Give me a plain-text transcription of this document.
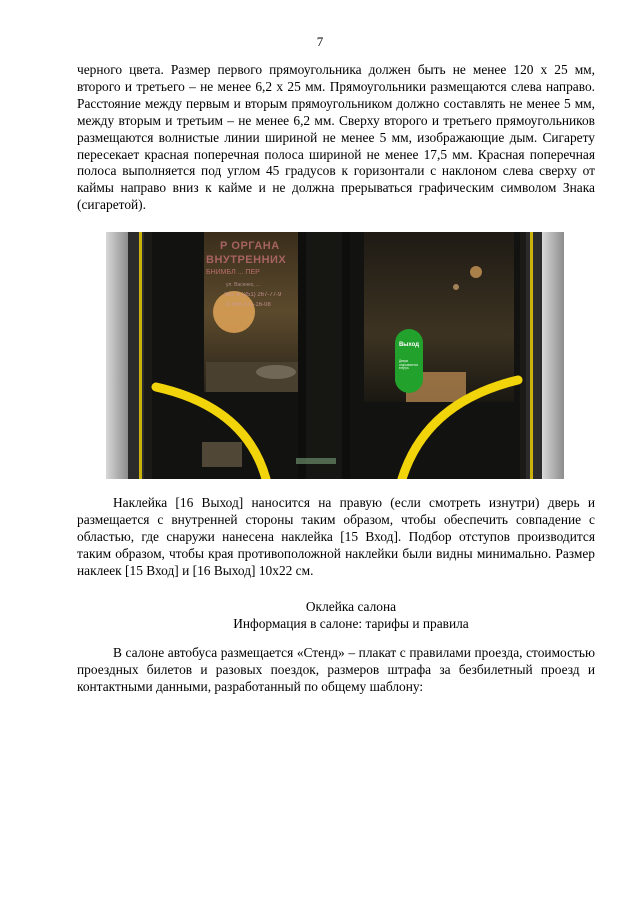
7

черного цвета. Размер первого прямоугольника должен быть не менее 120 х 25 мм, второго и третьего – не менее 6,2 х 25 мм. Прямоугольники размещаются слева направо. Расстояние между первым и вторым прямоугольником должно составлять не менее 5 мм, между вторым и третьим – не менее 6,2 мм. Сверху второго и третьего прямоугольников размещаются волнистые линии шириной не менее 5 мм, изображающие дым. Сигарету пересекает красная поперечная полоса шириной не менее 17,5 мм. Красная поперечная полоса выполняется под углом 45 градусов к горизонтали с наклоном слева сверху от каймы направо вниз к кайме и не должна прерываться графическим символом Знака (сигаретой).

Р ОРГАНА
ВНУТРЕННИХ
БНИМБЛ ... ПЕР
ул. Васенко, ...
тел. 8 (351) 267-77-9
8-999-371-16-08
Выход
Двери открываются внутрь

Наклейка [16 Выход] наносится на правую (если смотреть изнутри) дверь и размещается с внутренней стороны таким образом, чтобы обеспечить совпадение с областью, где снаружи нанесена наклейка [15 Вход]. Подбор отступов производится таким образом, чтобы края противоположной наклейки были видны минимально. Размер наклеек [15 Вход] и [16 Выход] 10x22 см.

Оклейка салона
Информация в салоне: тарифы и правила

В салоне автобуса размещается «Стенд» – плакат с правилами проезда, стоимостью проездных билетов и разовых поездок, размеров штрафа за безбилетный проезд и контактными данными, разработанный по общему шаблону:
